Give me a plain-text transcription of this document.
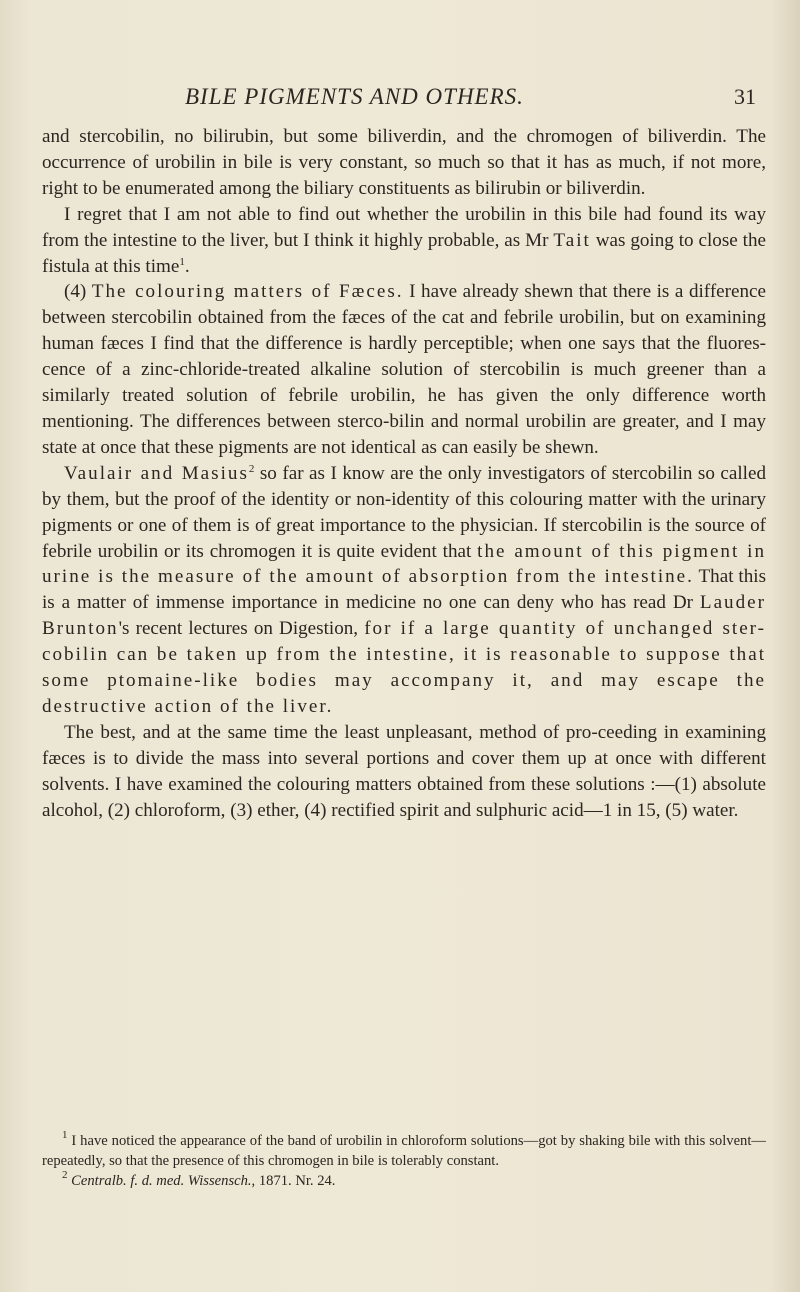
BILE PIGMENTS AND OTHERS.	31

and stercobilin, no bilirubin, but some biliverdin, and the chromogen of biliverdin. The occurrence of urobilin in bile is very constant, so much so that it has as much, if not more, right to be enumerated among the biliary constituents as bilirubin or biliverdin.

I regret that I am not able to find out whether the urobilin in this bile had found its way from the intestine to the liver, but I think it highly probable, as Mr Tait was going to close the fistula at this time$^1$.

(4) The colouring matters of Fæces. I have already shewn that there is a difference between stercobilin obtained from the fæces of the cat and febrile urobilin, but on examining human fæces I find that the difference is hardly perceptible; when one says that the fluores-cence of a zinc-chloride-treated alkaline solution of stercobilin is much greener than a similarly treated solution of febrile urobilin, he has given the only difference worth mentioning. The differences between sterco-bilin and normal urobilin are greater, and I may state at once that these pigments are not identical as can easily be shewn.

Vaulair and Masius$^2$ so far as I know are the only investigators of stercobilin so called by them, but the proof of the identity or non-identity of this colouring matter with the urinary pigments or one of them is of great importance to the physician. If stercobilin is the source of febrile urobilin or its chromogen it is quite evident that the amount of this pigment in urine is the measure of the amount of absorption from the intestine. That this is a matter of immense importance in medicine no one can deny who has read Dr Lauder Brunton's recent lectures on Digestion, for if a large quantity of unchanged ster-cobilin can be taken up from the intestine, it is reasonable to suppose that some ptomaine-like bodies may accompany it, and may escape the destructive action of the liver.

The best, and at the same time the least unpleasant, method of pro-ceeding in examining fæces is to divide the mass into several portions and cover them up at once with different solvents. I have examined the colouring matters obtained from these solutions :—(1) absolute alcohol, (2) chloroform, (3) ether, (4) rectified spirit and sulphuric acid—1 in 15, (5) water.

$^1$ I have noticed the appearance of the band of urobilin in chloroform solutions—got by shaking bile with this solvent—repeatedly, so that the presence of this chromogen in bile is tolerably constant.

$^2$ Centralb. f. d. med. Wissensch., 1871. Nr. 24.
